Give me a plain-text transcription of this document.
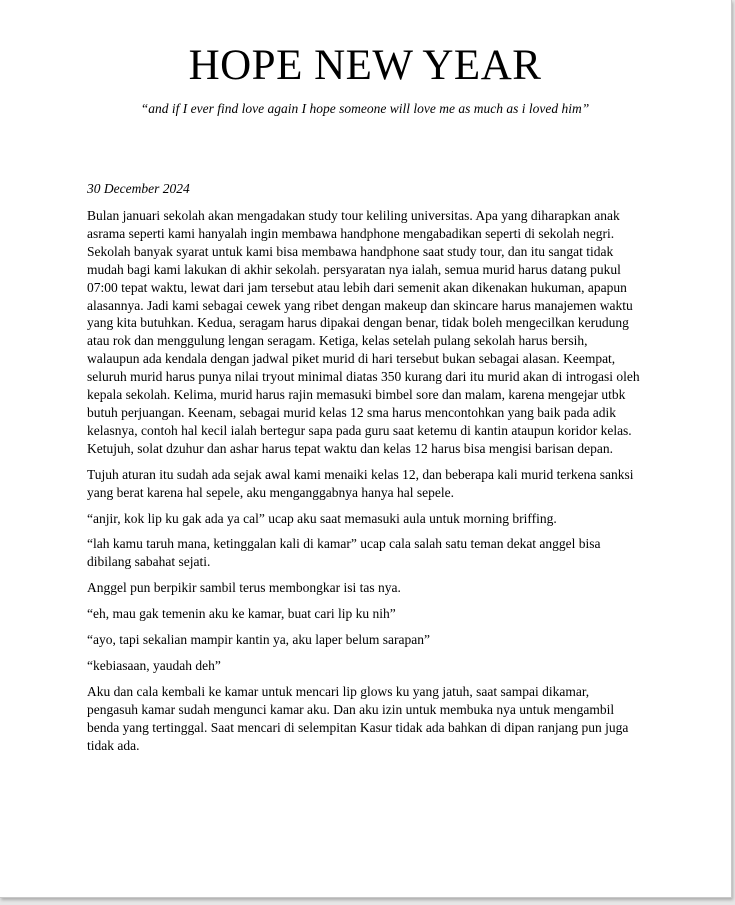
HOPE NEW YEAR
“and if I ever find love again I hope someone will love me as much as i loved him”
30 December 2024

Bulan januari sekolah akan mengadakan study tour keliling universitas. Apa yang diharapkan anak asrama seperti kami hanyalah ingin membawa handphone mengabadikan seperti di sekolah negri. Sekolah banyak syarat untuk kami bisa membawa handphone saat study tour, dan itu sangat tidak mudah bagi kami lakukan di akhir sekolah. persyaratan nya ialah, semua murid harus datang pukul 07:00 tepat waktu, lewat dari jam tersebut atau lebih dari semenit akan dikenakan hukuman, apapun alasannya. Jadi kami sebagai cewek yang ribet dengan makeup dan skincare harus manajemen waktu yang kita butuhkan. Kedua, seragam harus dipakai dengan benar, tidak boleh mengecilkan kerudung atau rok dan menggulung lengan seragam. Ketiga, kelas setelah pulang sekolah harus bersih, walaupun ada kendala dengan jadwal piket murid di hari tersebut bukan sebagai alasan. Keempat, seluruh murid harus punya nilai tryout minimal diatas 350 kurang dari itu murid akan di introgasi oleh kepala sekolah. Kelima, murid harus rajin memasuki bimbel sore dan malam, karena mengejar utbk butuh perjuangan. Keenam, sebagai murid kelas 12 sma harus mencontohkan yang baik pada adik kelasnya, contoh hal kecil ialah bertegur sapa pada guru saat ketemu di kantin ataupun koridor kelas. Ketujuh, solat dzuhur dan ashar harus tepat waktu dan kelas 12 harus bisa mengisi barisan depan.

Tujuh aturan itu sudah ada sejak awal kami menaiki kelas 12, dan beberapa kali murid terkena sanksi yang berat karena hal sepele, aku menganggabnya hanya hal sepele.

“anjir, kok lip ku gak ada ya cal” ucap aku saat memasuki aula untuk morning briffing.

“lah kamu taruh mana, ketinggalan kali di kamar” ucap cala salah satu teman dekat anggel bisa dibilang sabahat sejati.

Anggel pun berpikir sambil terus membongkar isi tas nya.

“eh, mau gak temenin aku ke kamar, buat cari lip ku nih”

“ayo, tapi sekalian mampir kantin ya, aku laper belum sarapan”

“kebiasaan, yaudah deh”

Aku dan cala kembali ke kamar untuk mencari lip glows ku yang jatuh, saat sampai dikamar, pengasuh kamar sudah mengunci kamar aku. Dan aku izin untuk membuka nya untuk mengambil benda yang tertinggal. Saat mencari di selempitan Kasur tidak ada bahkan di dipan ranjang pun juga tidak ada.
